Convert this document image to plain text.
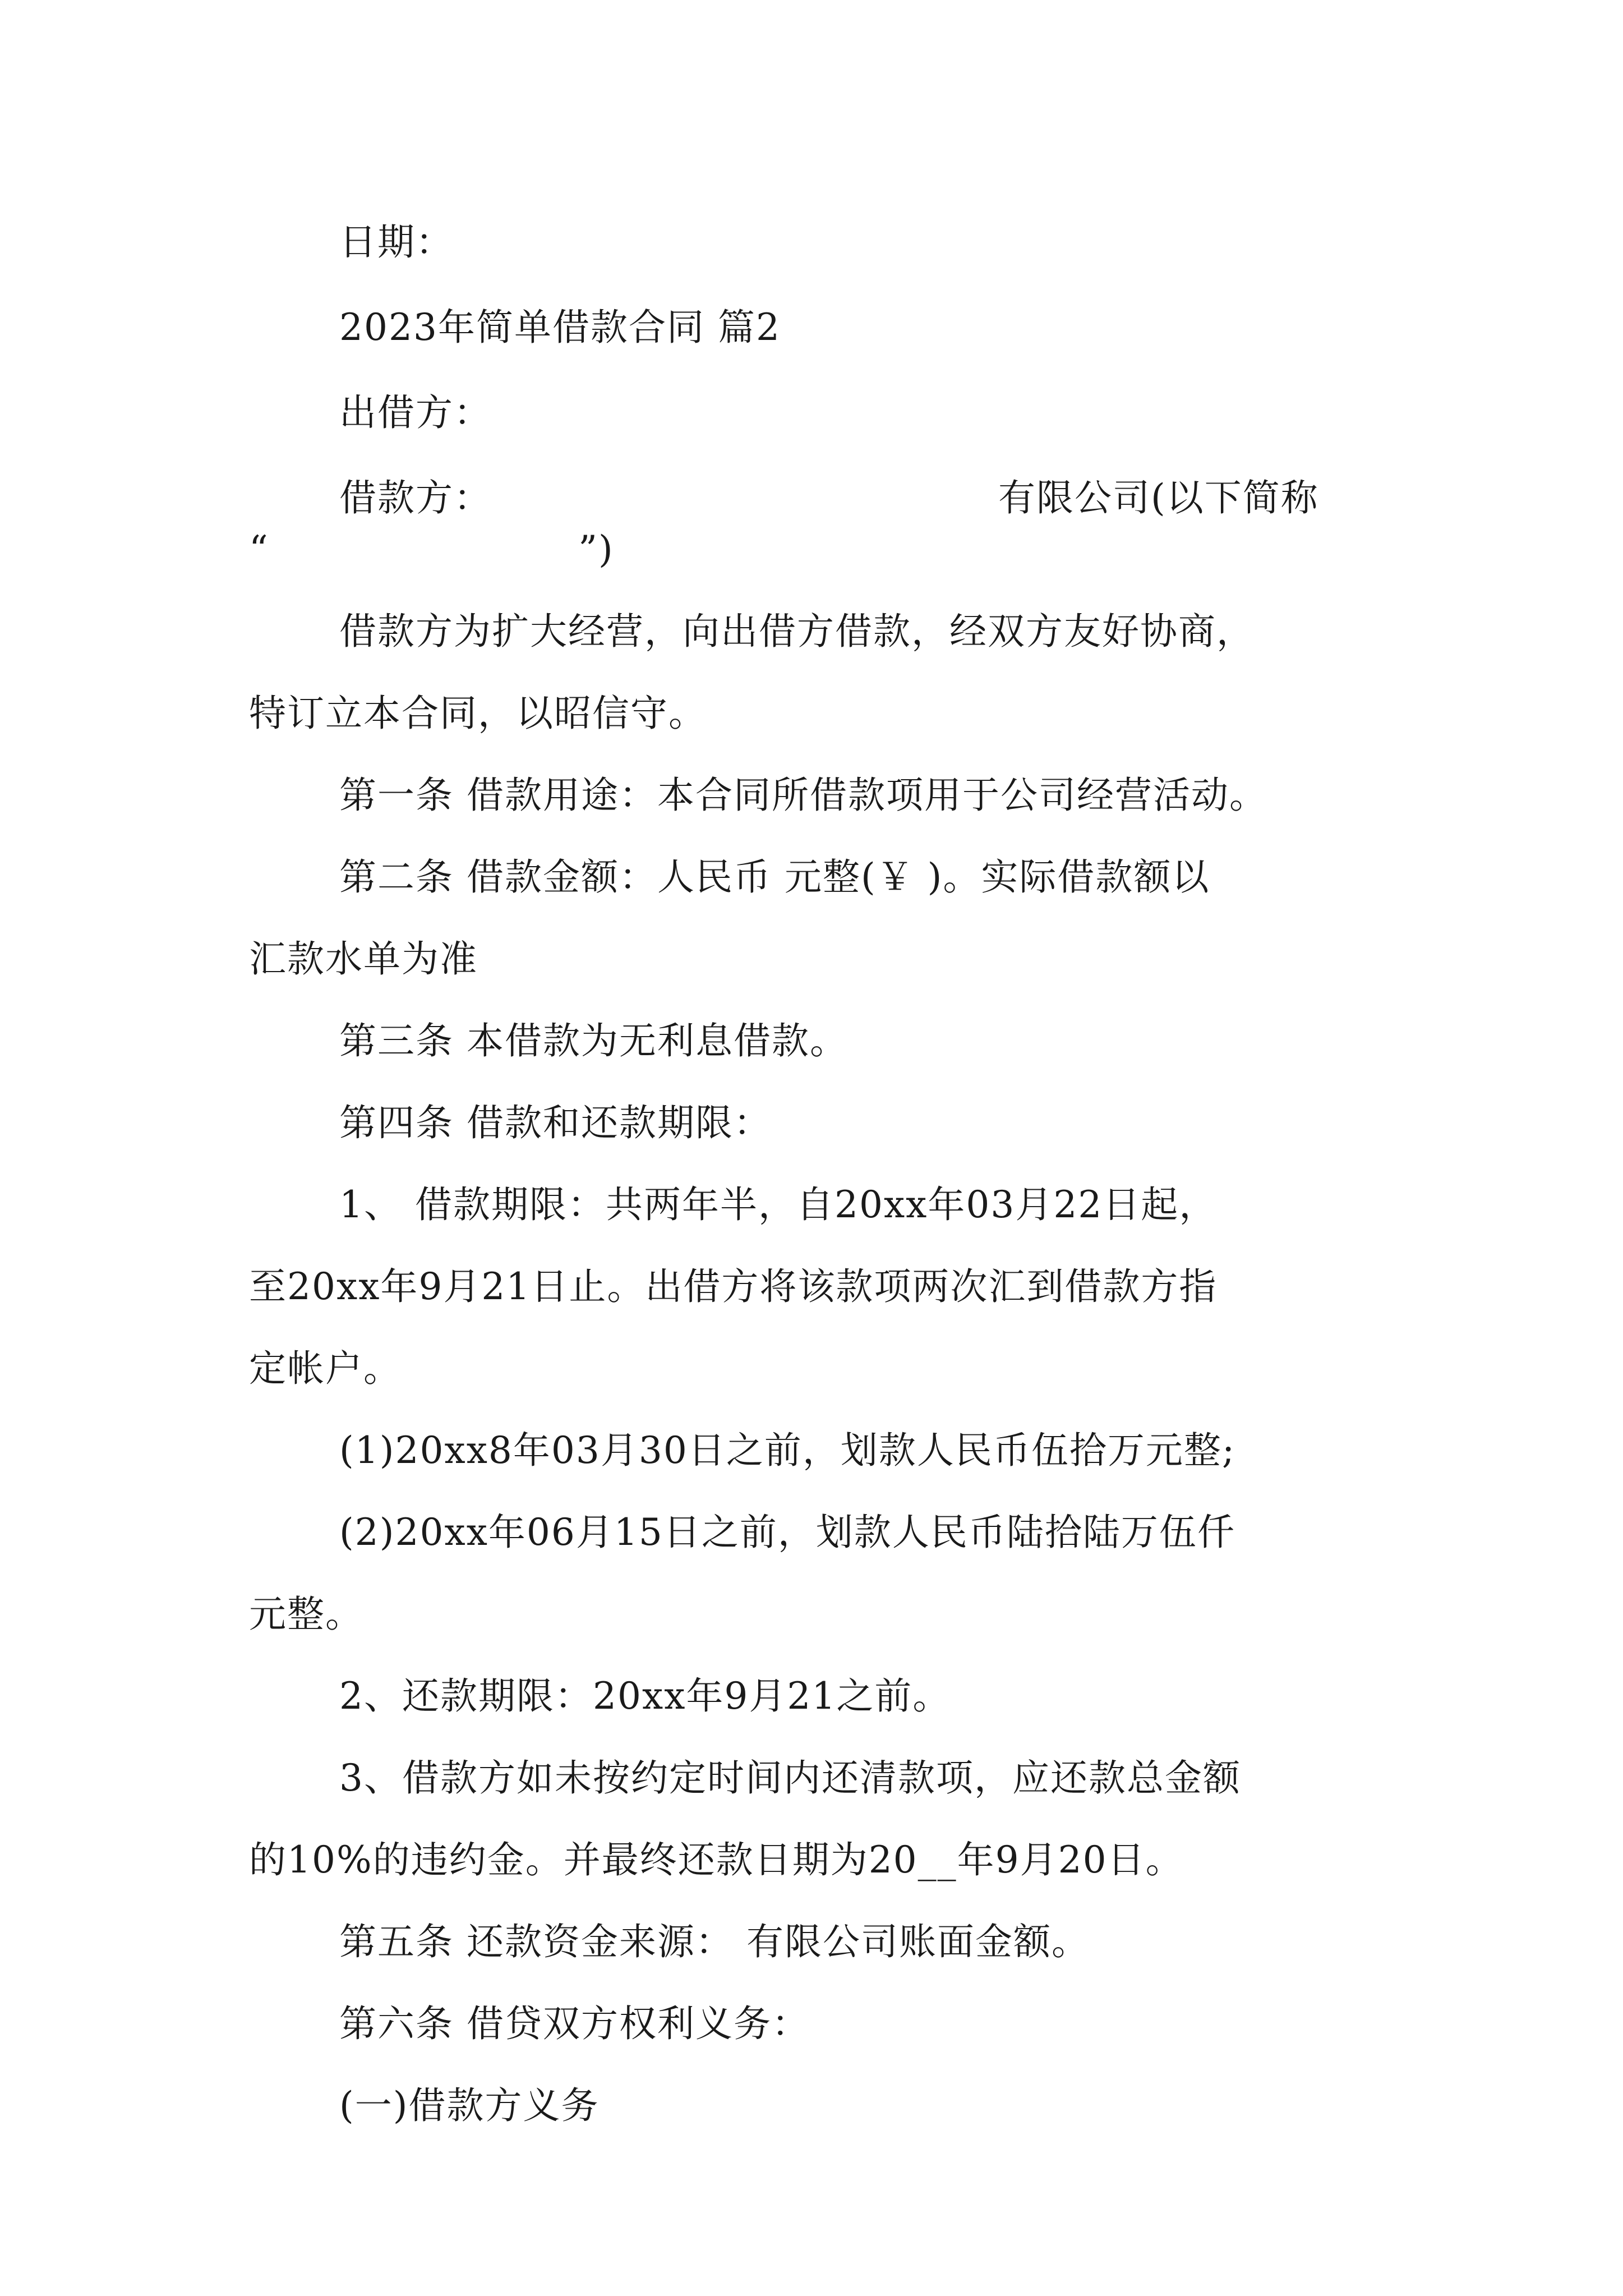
日期：
2023年简单借款合同 篇2
出借方：
借款方：	有限公司(以下简称
“                        ”)
借款方为扩大经营，向出借方借款，经双方友好协商，
特订立本合同，以昭信守。
第一条 借款用途：本合同所借款项用于公司经营活动。
第二条 借款金额：人民币 元整(￥ )。实际借款额以
汇款水单为准
第三条 本借款为无利息借款。
第四条 借款和还款期限：
1、 借款期限：共两年半，自20xx年03月22日起，
至20xx年9月21日止。出借方将该款项两次汇到借款方指
定帐户。
(1)20xx8年03月30日之前，划款人民币伍拾万元整;
(2)20xx年06月15日之前，划款人民币陆拾陆万伍仟
元整。
2、还款期限：20xx年9月21之前。
3、借款方如未按约定时间内还清款项，应还款总金额
的10%的违约金。并最终还款日期为20__年9月20日。
第五条 还款资金来源： 有限公司账面金额。
第六条 借贷双方权利义务：
(一)借款方义务
